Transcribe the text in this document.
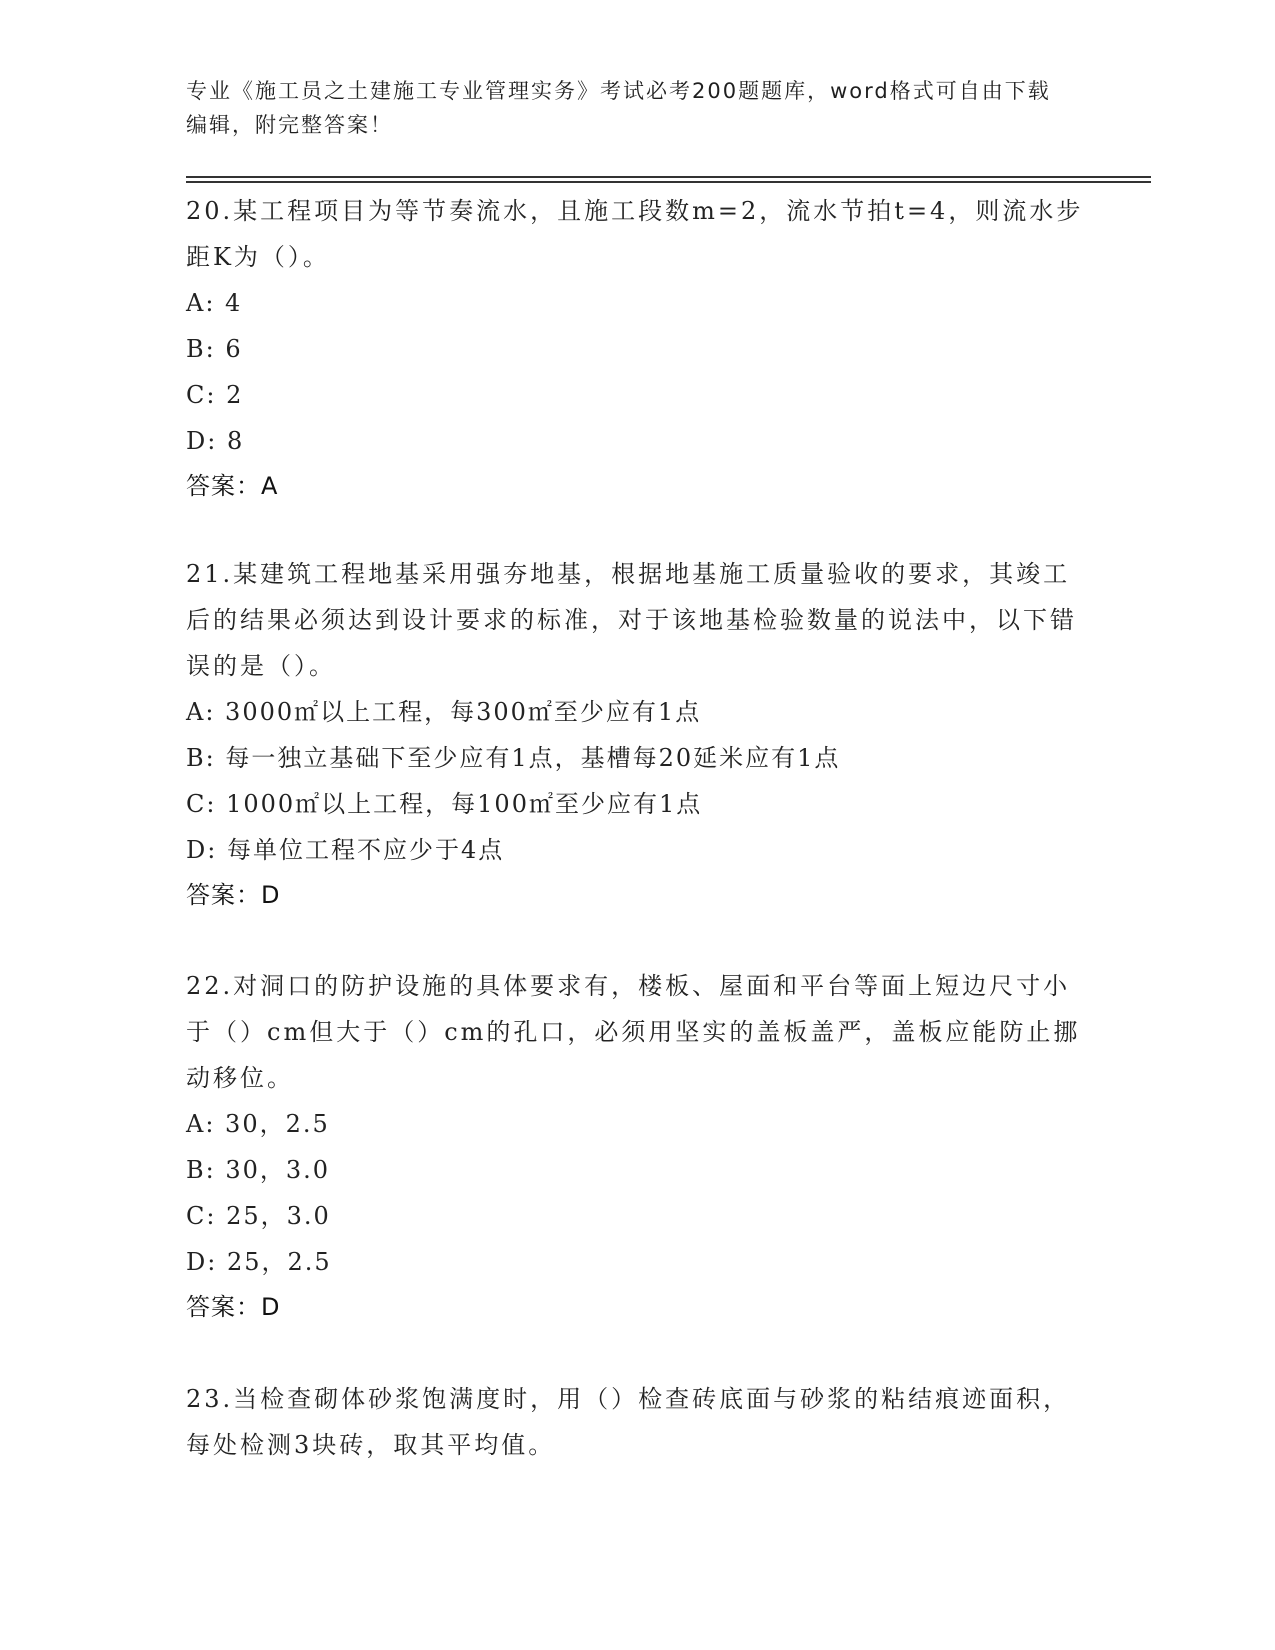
专业《施工员之土建施工专业管理实务》考试必考200题题库，word格式可自由下载编辑，附完整答案！
20.某工程项目为等节奏流水，且施工段数m=2，流水节拍t=4，则流水步距K为（）。
A: 4
B: 6
C: 2
D: 8
答案：A
21.某建筑工程地基采用强夯地基，根据地基施工质量验收的要求，其竣工后的结果必须达到设计要求的标准，对于该地基检验数量的说法中，以下错误的是（）。
A: 3000㎡以上工程，每300㎡至少应有1点
B: 每一独立基础下至少应有1点，基槽每20延米应有1点
C: 1000㎡以上工程，每100㎡至少应有1点
D: 每单位工程不应少于4点
答案：D
22.对洞口的防护设施的具体要求有，楼板、屋面和平台等面上短边尺寸小于（）cm但大于（）cm的孔口，必须用坚实的盖板盖严，盖板应能防止挪动移位。
A: 30，2.5
B: 30，3.0
C: 25，3.0
D: 25，2.5
答案：D
23.当检查砌体砂浆饱满度时，用（）检查砖底面与砂浆的粘结痕迹面积，每处检测3块砖，取其平均值。
